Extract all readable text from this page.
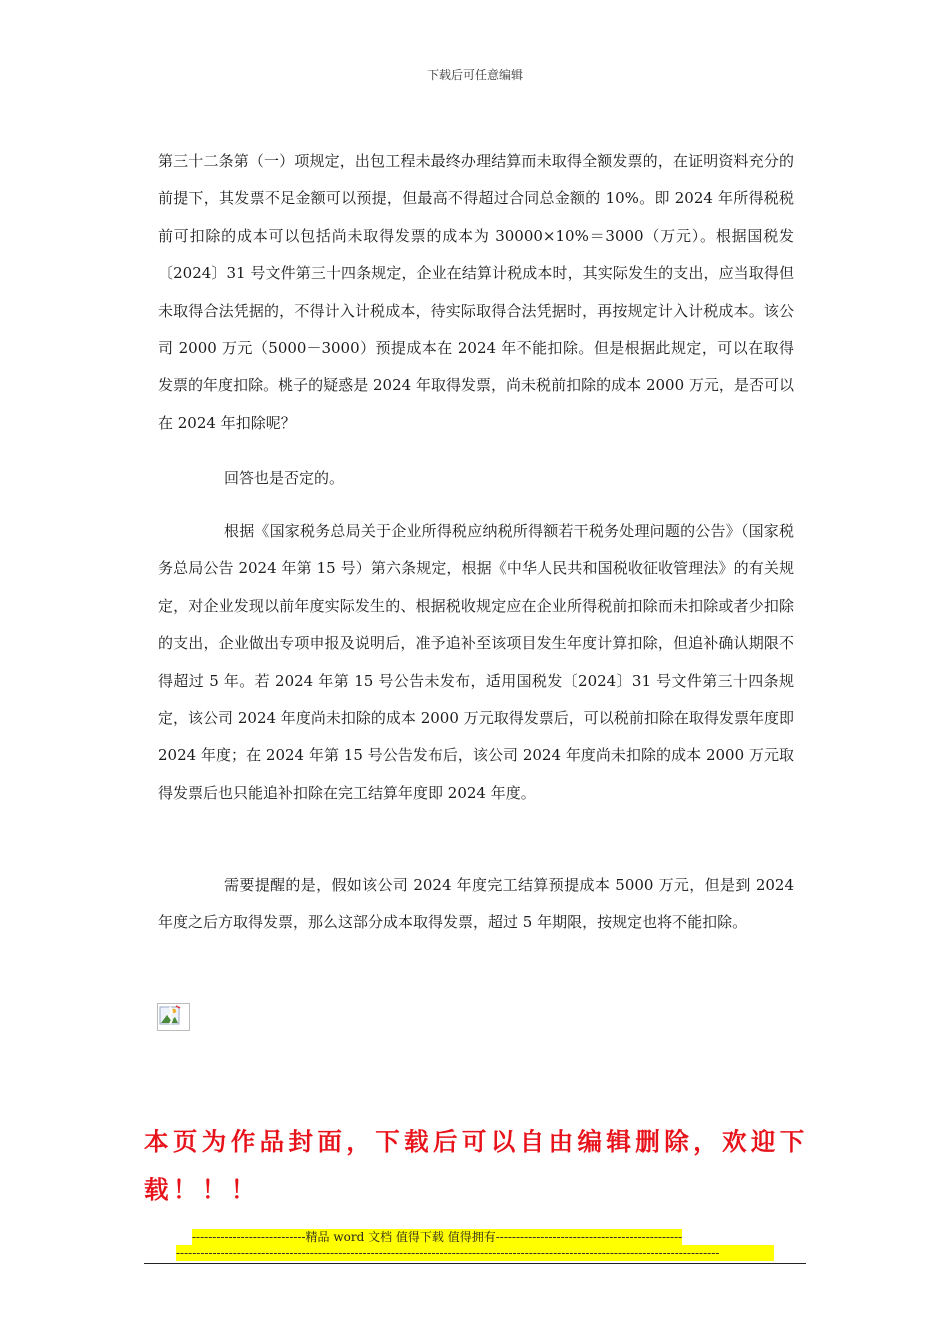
下载后可任意编辑

第三十二条第（一）项规定，出包工程未最终办理结算而未取得全额发票的，在证明资料充分的前提下，其发票不足金额可以预提，但最高不得超过合同总金额的 10%。即 2024 年所得税税前可扣除的成本可以包括尚未取得发票的成本为 30000×10%＝3000（万元）。根据国税发〔2024〕31 号文件第三十四条规定，企业在结算计税成本时，其实际发生的支出，应当取得但未取得合法凭据的，不得计入计税成本，待实际取得合法凭据时，再按规定计入计税成本。该公司 2000 万元（5000－3000）预提成本在 2024 年不能扣除。但是根据此规定，可以在取得发票的年度扣除。桃子的疑惑是 2024 年取得发票，尚未税前扣除的成本 2000 万元，是否可以在 2024 年扣除呢？

回答也是否定的。

根据《国家税务总局关于企业所得税应纳税所得额若干税务处理问题的公告》（国家税务总局公告 2024 年第 15 号）第六条规定，根据《中华人民共和国税收征收管理法》的有关规定，对企业发现以前年度实际发生的、根据税收规定应在企业所得税前扣除而未扣除或者少扣除的支出，企业做出专项申报及说明后，准予追补至该项目发生年度计算扣除，但追补确认期限不得超过 5 年。若 2024 年第 15 号公告未发布，适用国税发〔2024〕31 号文件第三十四条规定，该公司 2024 年度尚未扣除的成本 2000 万元取得发票后，可以税前扣除在取得发票年度即 2024 年度；在 2024 年第 15 号公告发布后，该公司 2024 年度尚未扣除的成本 2000 万元取得发票后也只能追补扣除在完工结算年度即 2024 年度。

需要提醒的是，假如该公司 2024 年度完工结算预提成本 5000 万元，但是到 2024 年度之后方取得发票，那么这部分成本取得发票，超过 5 年期限，按规定也将不能扣除。

本页为作品封面，下载后可以自由编辑删除，欢迎下载！！！
----------------------------精品 word 文档 值得下载 值得拥有----------------------------------------------
--------------------------------------------------------------------------------------------------------------------------------------
